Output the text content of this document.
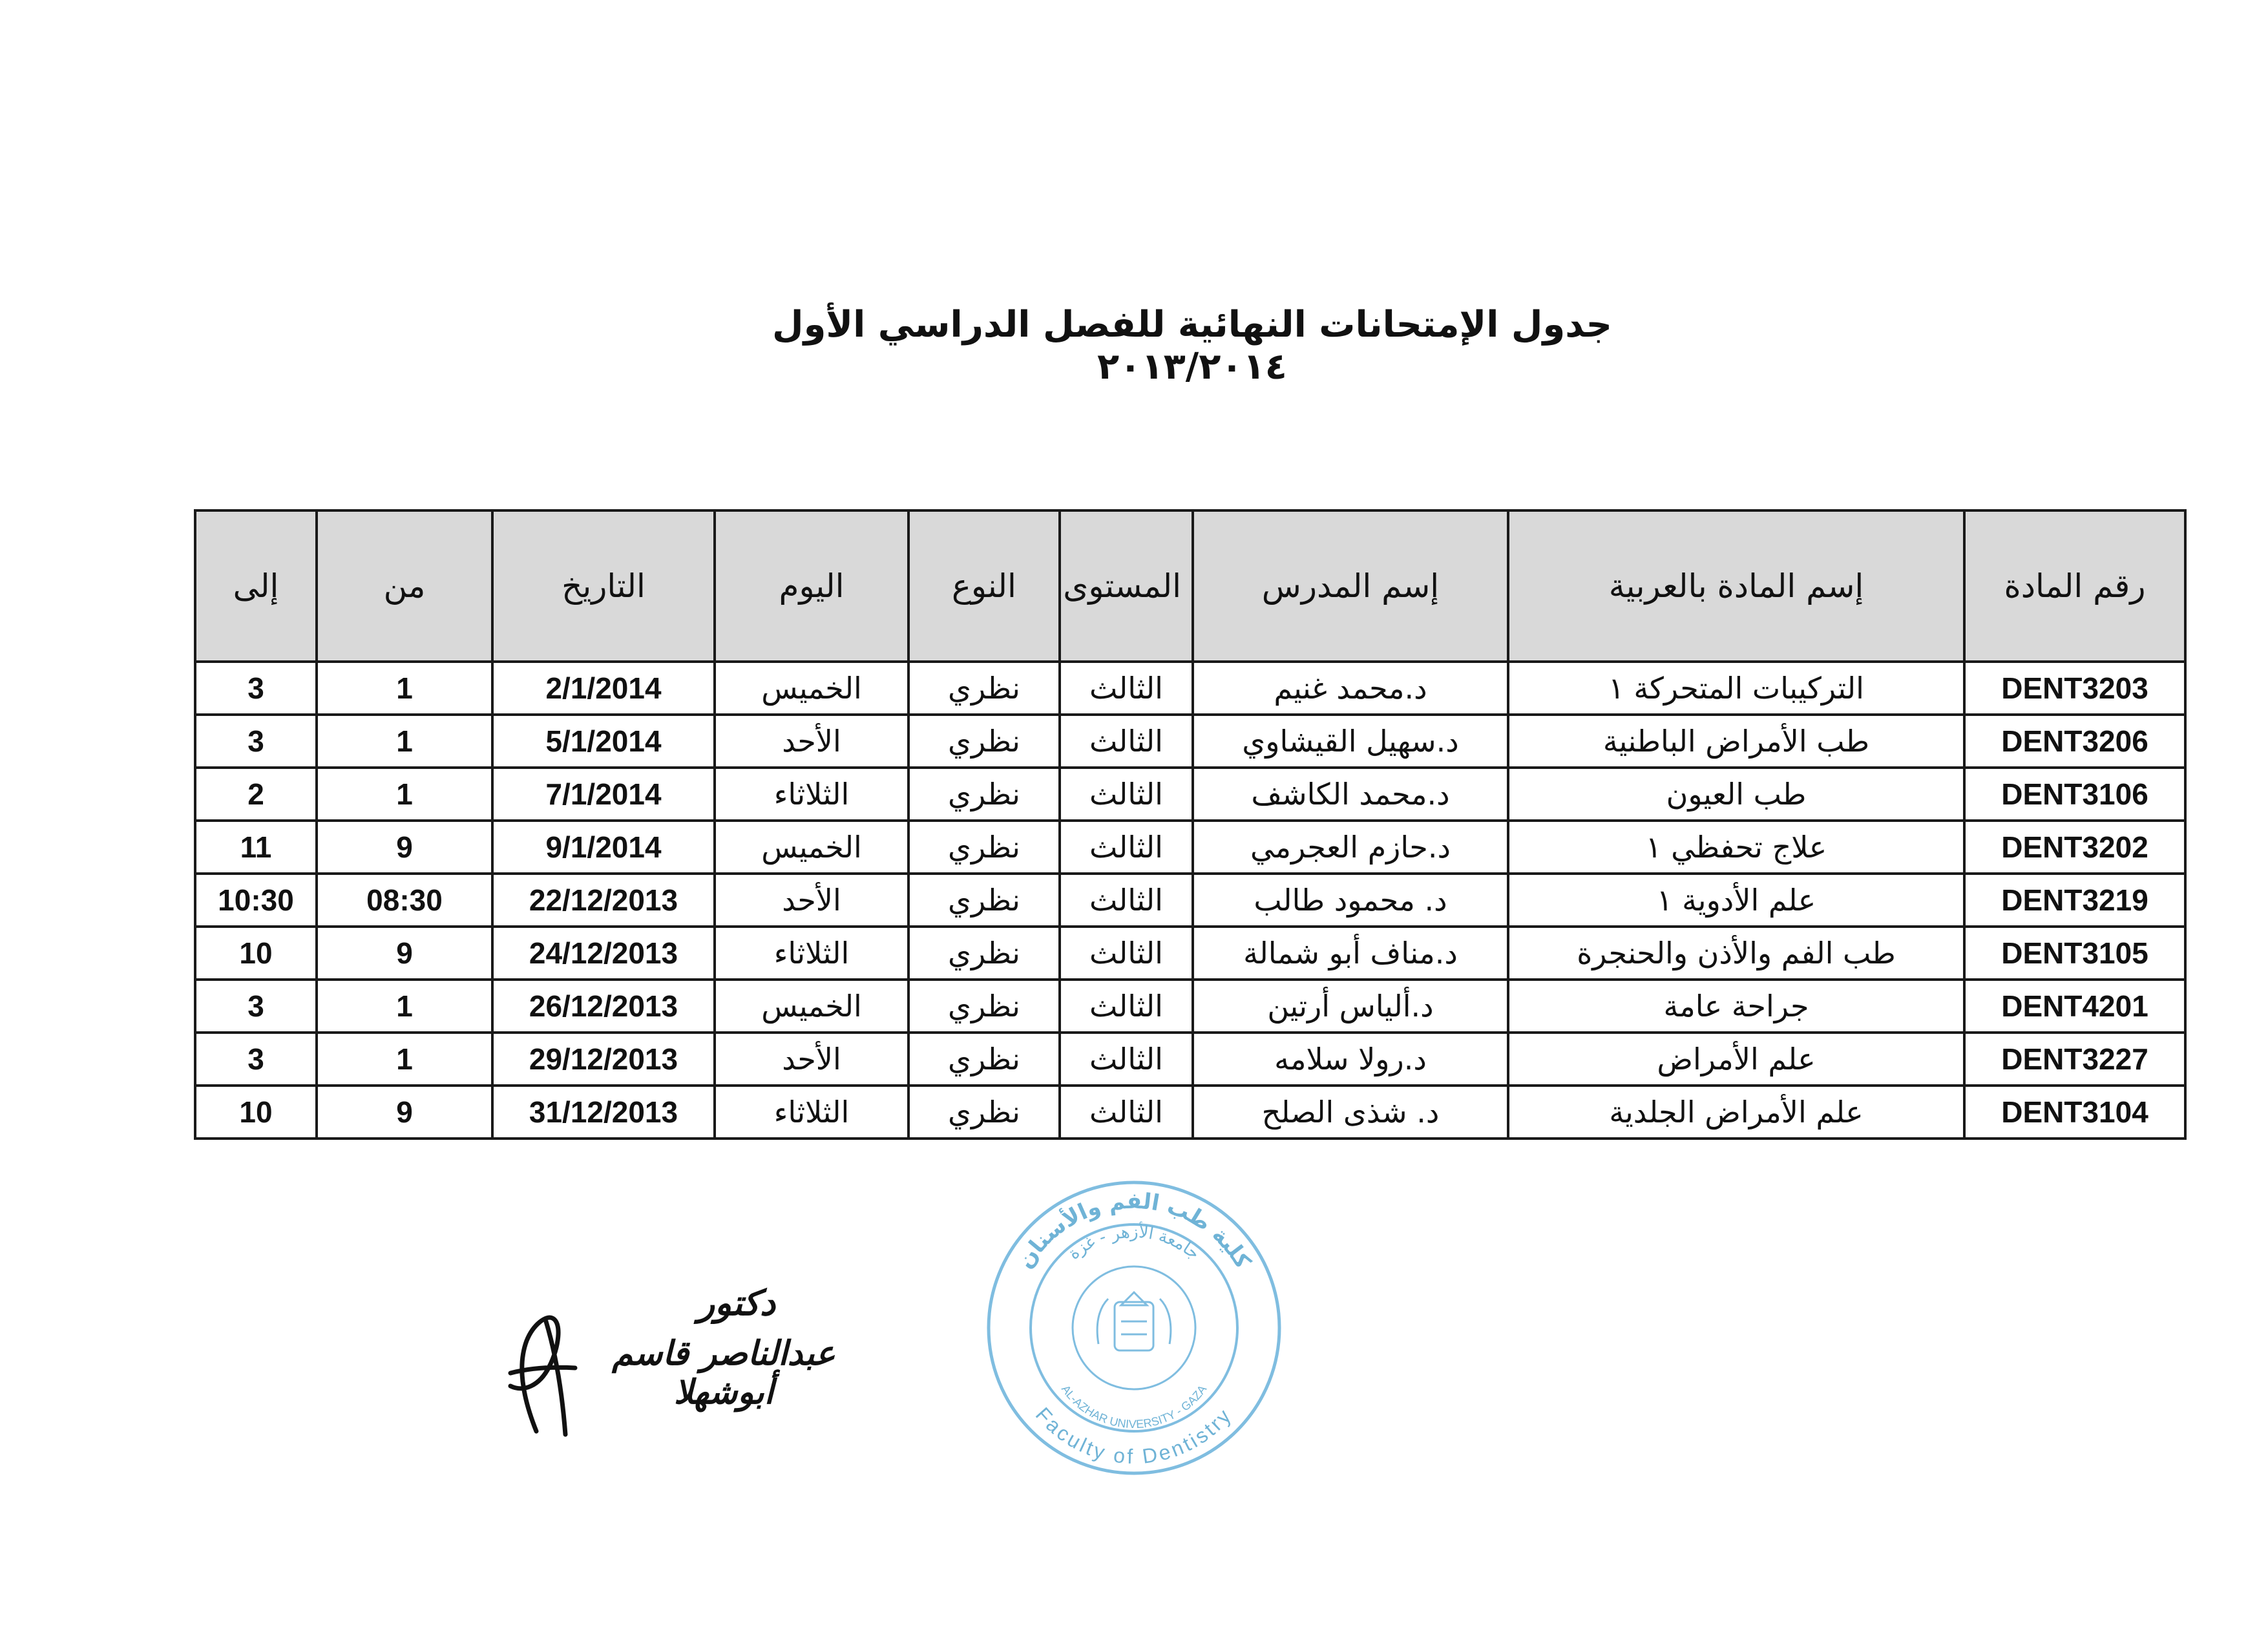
جدول الإمتحانات النهائية للفصل الدراسي الأول ٢٠١٣/٢٠١٤
رقم المادة	إسم المادة بالعربية	إسم المدرس	المستوى	النوع	اليوم	التاريخ	من	إلى
DENT3203	التركيبات المتحركة ١	د.محمد غنيم	الثالث	نظري	الخميس	2/1/2014	1	3
DENT3206	طب الأمراض الباطنية	د.سهيل القيشاوي	الثالث	نظري	الأحد	5/1/2014	1	3
DENT3106	طب العيون	د.محمد الكاشف	الثالث	نظري	الثلاثاء	7/1/2014	1	2
DENT3202	علاج تحفظي ١	د.حازم العجرمي	الثالث	نظري	الخميس	9/1/2014	9	11
DENT3219	علم الأدوية ١	د. محمود طالب	الثالث	نظري	الأحد	22/12/2013	08:30	10:30
DENT3105	طب الفم والأذن والحنجرة	د.مناف أبو شمالة	الثالث	نظري	الثلاثاء	24/12/2013	9	10
DENT4201	جراحة عامة	د.ألياس أرتين	الثالث	نظري	الخميس	26/12/2013	1	3
DENT3227	علم الأمراض	د.رولا سلامه	الثالث	نظري	الأحد	29/12/2013	1	3
DENT3104	علم الأمراض الجلدية	د. شذى الصلح	الثالث	نظري	الثلاثاء	31/12/2013	9	10
دكتور
عبدالناصر قاسم أبوشهلا
كلية طب الفم والأسنان
جامعة الأزهر - غزة
Faculty of Dentistry
AL-AZHAR UNIVERSITY - GAZA
